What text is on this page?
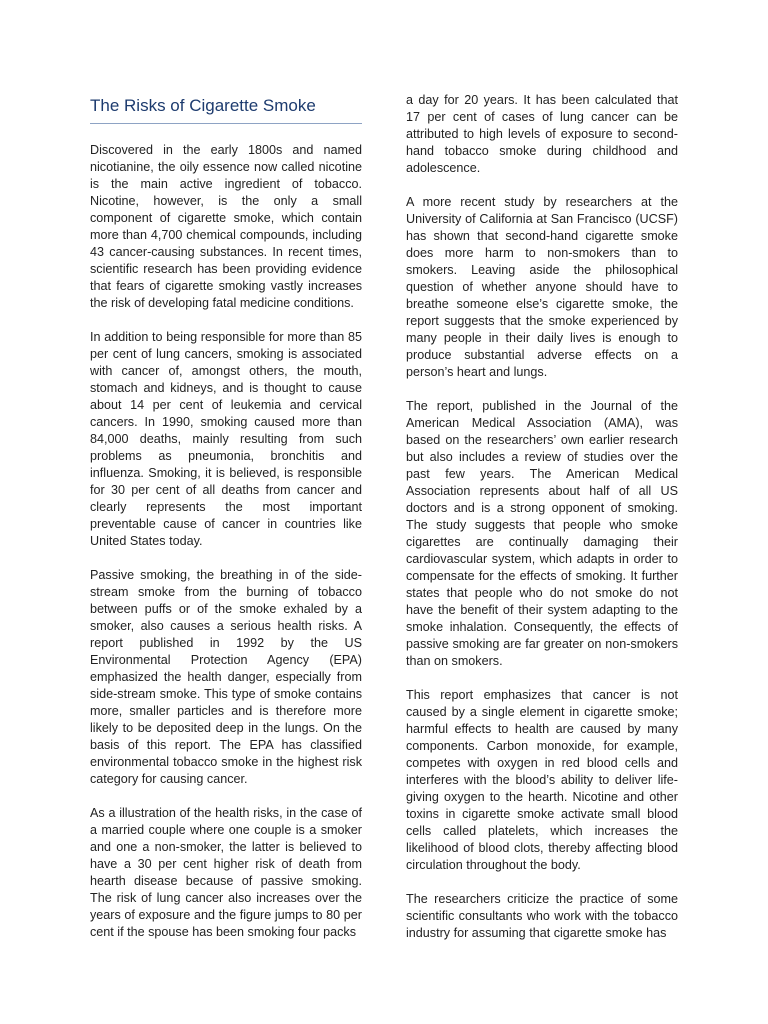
The Risks of Cigarette Smoke

Discovered in the early 1800s and named nicotianine, the oily essence now called nicotine is the main active ingredient of tobacco. Nicotine, however, is the only a small component of cigarette smoke, which contain more than 4,700 chemical compounds, including 43 cancer-causing substances. In recent times, scientific research has been providing evidence that fears of cigarette smoking vastly increases the risk of developing fatal medicine conditions.

In addition to being responsible for more than 85 per cent of lung cancers, smoking is associated with cancer of, amongst others, the mouth, stomach and kidneys, and is thought to cause about 14 per cent of leukemia and cervical cancers. In 1990, smoking caused more than 84,000 deaths, mainly resulting from such problems as pneumonia, bronchitis and influenza. Smoking, it is believed, is responsible for 30 per cent of all deaths from cancer and clearly represents the most important preventable cause of cancer in countries like United States today.

Passive smoking, the breathing in of the side-stream smoke from the burning of tobacco between puffs or of the smoke exhaled by a smoker, also causes a serious health risks. A report published in 1992 by the US Environmental Protection Agency (EPA) emphasized the health danger, especially from side-stream smoke. This type of smoke contains more, smaller particles and is therefore more likely to be deposited deep in the lungs. On the basis of this report. The EPA has classified environmental tobacco smoke in the highest risk category for causing cancer.

As a illustration of the health risks, in the case of a married couple where one couple is a smoker and one a non-smoker, the latter is believed to have a 30 per cent higher risk of death from hearth disease because of passive smoking. The risk of lung cancer also increases over the years of exposure and the figure jumps to 80 per cent if the spouse has been smoking four packs

a day for 20 years. It has been calculated that 17 per cent of cases of lung cancer can be attributed to high levels of exposure to second-hand tobacco smoke during childhood and adolescence.

A more recent study by researchers at the University of California at San Francisco (UCSF) has shown that second-hand cigarette smoke does more harm to non-smokers than to smokers. Leaving aside the philosophical question of whether anyone should have to breathe someone else’s cigarette smoke, the report suggests that the smoke experienced by many people in their daily lives is enough to produce substantial adverse effects on a person’s heart and lungs.

The report, published in the Journal of the American Medical Association (AMA), was based on the researchers’ own earlier research but also includes a review of studies over the past few years. The American Medical Association represents about half of all US doctors and is a strong opponent of smoking. The study suggests that people who smoke cigarettes are continually damaging their cardiovascular system, which adapts in order to compensate for the effects of smoking. It further states that people who do not smoke do not have the benefit of their system adapting to the smoke inhalation. Consequently, the effects of passive smoking are far greater on non-smokers than on smokers.

This report emphasizes that cancer is not caused by a single element in cigarette smoke; harmful effects to health are caused by many components. Carbon monoxide, for example, competes with oxygen in red blood cells and interferes with the blood’s ability to deliver life-giving oxygen to the hearth. Nicotine and other toxins in cigarette smoke activate small blood cells called platelets, which increases the likelihood of blood clots, thereby affecting blood circulation throughout the body.

The researchers criticize the practice of some scientific consultants who work with the tobacco industry for assuming that cigarette smoke has
